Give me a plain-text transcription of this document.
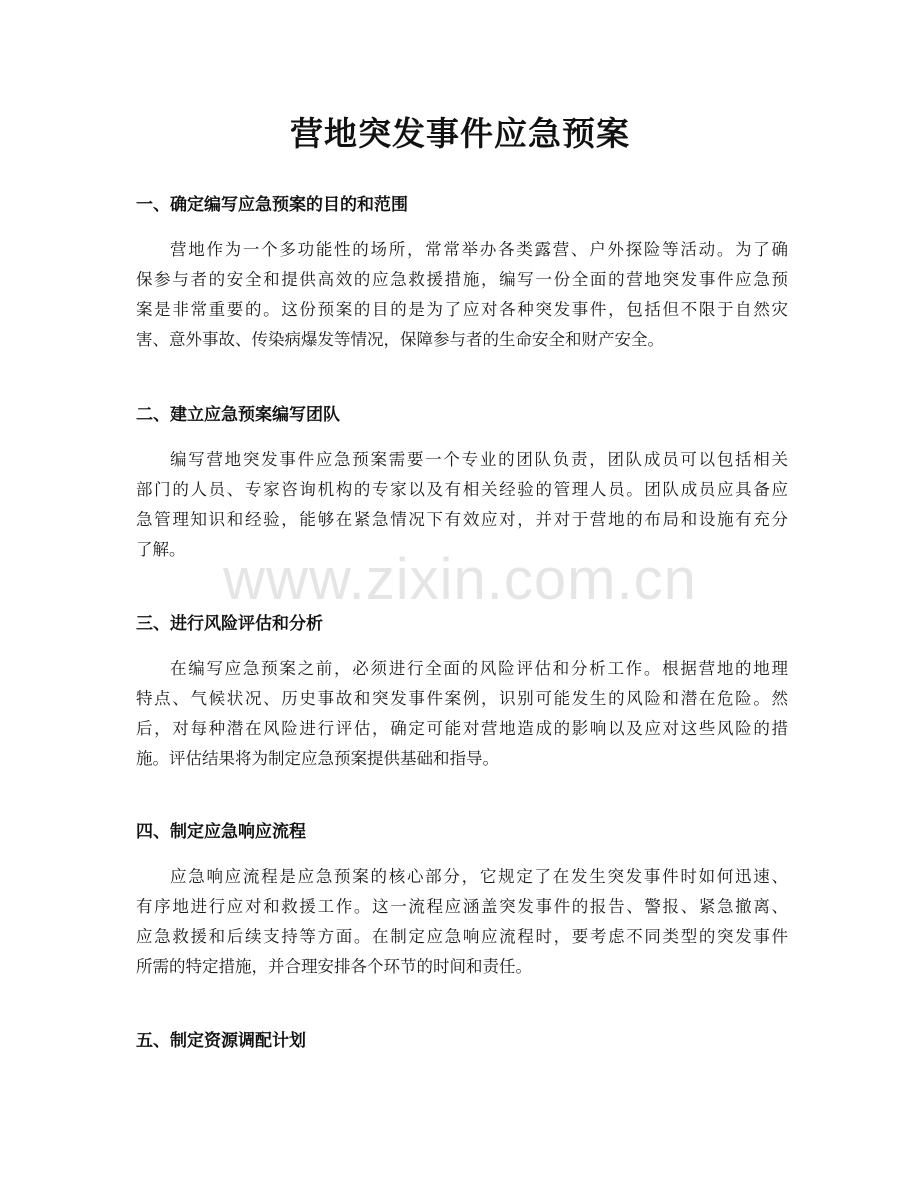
www.zixin.com.cn
营地突发事件应急预案
一、确定编写应急预案的目的和范围
营地作为一个多功能性的场所，常常举办各类露营、户外探险等活动。为了确
保参与者的安全和提供高效的应急救援措施，编写一份全面的营地突发事件应急预
案是非常重要的。这份预案的目的是为了应对各种突发事件，包括但不限于自然灾
害、意外事故、传染病爆发等情况，保障参与者的生命安全和财产安全。
二、建立应急预案编写团队
编写营地突发事件应急预案需要一个专业的团队负责，团队成员可以包括相关
部门的人员、专家咨询机构的专家以及有相关经验的管理人员。团队成员应具备应
急管理知识和经验，能够在紧急情况下有效应对，并对于营地的布局和设施有充分
了解。
三、进行风险评估和分析
在编写应急预案之前，必须进行全面的风险评估和分析工作。根据营地的地理
特点、气候状况、历史事故和突发事件案例，识别可能发生的风险和潜在危险。然
后，对每种潜在风险进行评估，确定可能对营地造成的影响以及应对这些风险的措
施。评估结果将为制定应急预案提供基础和指导。
四、制定应急响应流程
应急响应流程是应急预案的核心部分，它规定了在发生突发事件时如何迅速、
有序地进行应对和救援工作。这一流程应涵盖突发事件的报告、警报、紧急撤离、
应急救援和后续支持等方面。在制定应急响应流程时，要考虑不同类型的突发事件
所需的特定措施，并合理安排各个环节的时间和责任。
五、制定资源调配计划
